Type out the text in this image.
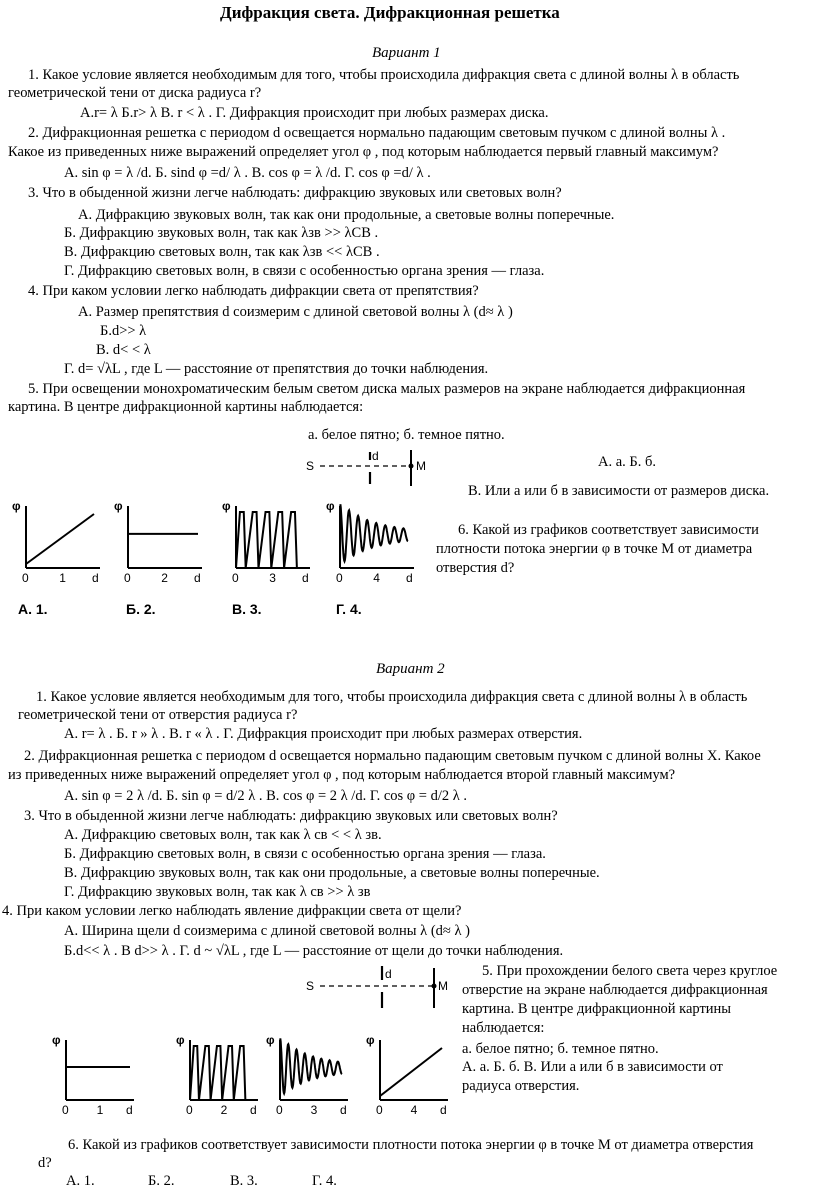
Дифракция света. Дифракционная решетка
Вариант 1
1. Какое условие является необходимым для того, чтобы происходила дифракция света с длиной волны λ в область
геометрической тени от диска радиуса r?
А.r= λ Б.r> λ В. r < λ . Г. Дифракция происходит при любых размерах диска.
2. Дифракционная решетка с периодом d освещается нормально падающим световым пучком с длиной волны λ .
Какое из приведенных ниже выражений определяет угол φ , под которым наблюдается первый главный максимум?
А. sin φ = λ /d. Б. sind φ =d/ λ . В. cos φ = λ /d. Г. cos φ =d/ λ .
3. Что в обыденной жизни легче наблюдать: дифракцию звуковых или световых волн?
А. Дифракцию звуковых волн, так как они продольные, а световые волны поперечные.
Б. Дифракцию звуковых волн, так как λзв >> λСВ .
В. Дифракцию световых волн, так как λзв << λСВ .
Г. Дифракцию световых волн, в связи с особенностью органа зрения — глаза.
4. При каком условии легко наблюдать дифракции света от препятствия?
А. Размер препятствия d соизмерим с длиной световой волны λ (d≈ λ )
Б.d>> λ
В. d< < λ
Г. d= √λL , где L — расстояние от препятствия до точки наблюдения.
5. При освещении монохроматическим белым светом диска малых размеров на экране наблюдается дифракционная
картина. В центре дифракционной картины наблюдается:
а. белое пятно; б. темное пятно.
А. а. Б. б.
В. Или а или б в зависимости от размеров диска.
6. Какой из графиков соответствует зависимости
плотности потока энергии φ в точке М от диаметра
отверстия d?
S
d
M
φ
0	1 d
φ
0	2 d
φ
0	3 d
φ
0	4 d
А. 1.	Б. 2.	В. 3.	Г. 4.
Вариант 2
1. Какое условие является необходимым для того, чтобы происходила дифракция света с длиной волны λ в область
геометрической тени от отверстия радиуса r?
А. r= λ . Б. r » λ . В. r « λ . Г. Дифракция происходит при любых размерах отверстия.
2. Дифракционная решетка с периодом d освещается нормально падающим световым пучком с длиной волны X. Какое
из приведенных ниже выражений определяет угол φ , под которым наблюдается второй главный максимум?
А. sin φ = 2 λ /d. Б. sin φ = d/2 λ . В. cos φ = 2 λ /d. Г. cos φ = d/2 λ .
3. Что в обыденной жизни легче наблюдать: дифракцию звуковых или световых волн?
А. Дифракцию световых волн, так как λ св < < λ зв.
Б. Дифракцию световых волн, в связи с особенностью органа зрения — глаза.
В. Дифракцию звуковых волн, так как они продольные, а световые волны поперечные.
Г. Дифракцию звуковых волн, так как λ св >> λ зв
4. При каком условии легко наблюдать явление дифракции света от щели?
А. Ширина щели d соизмерима с длиной световой волны λ (d≈ λ )
Б.d<< λ . В d>> λ . Г. d ~ √λL , где L — расстояние от щели до точки наблюдения.
5. При прохождении белого света через круглое
отверстие на экране наблюдается дифракционная
картина. В центре дифракционной картины
наблюдается:
а. белое пятно; б. темное пятно.
А. а. Б. б. В. Или а или б в зависимости от
радиуса отверстия.
6. Какой из графиков соответствует зависимости плотности потока энергии φ в точке М от диаметра отверстия
d?
А. 1.	Б. 2.	В. 3.	Г. 4.
S
d
M
φ
0 1 d
φ
0 2 d
φ
0 3 d
φ
0 4 d
